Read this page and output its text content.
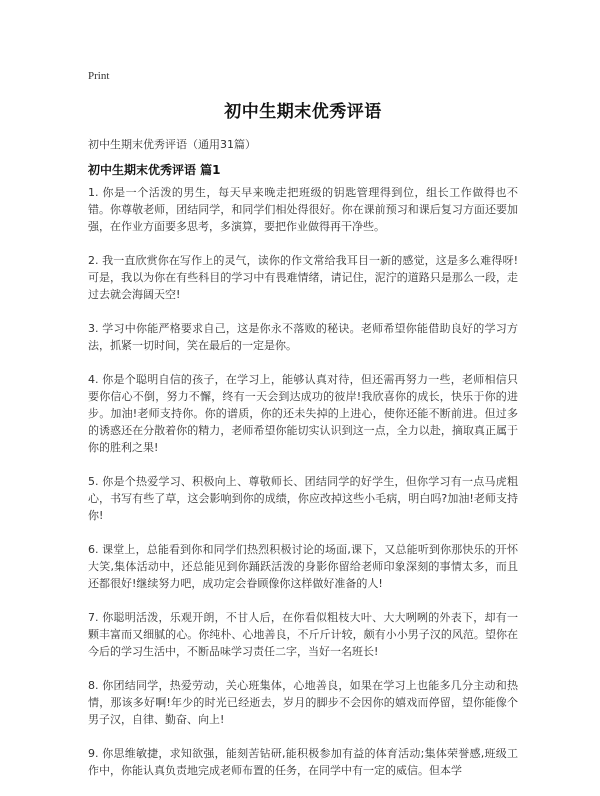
Print
初中生期末优秀评语
初中生期末优秀评语（通用31篇）
初中生期末优秀评语 篇1

1. 你是一个活泼的男生，每天早来晚走把班级的钥匙管理得到位，组长工作做得也不错。你尊敬老师，团结同学，和同学们相处得很好。你在课前预习和课后复习方面还要加强，在作业方面要多思考，多演算，要把作业做得再干净些。

2. 我一直欣赏你在写作上的灵气，读你的作文常给我耳目一新的感觉，这是多么难得呀!可是，我以为你在有些科目的学习中有畏难情绪，请记住，泥泞的道路只是那么一段，走过去就会海阔天空!

3. 学习中你能严格要求自己，这是你永不落败的秘诀。老师希望你能借助良好的学习方法，抓紧一切时间，笑在最后的一定是你。

4. 你是个聪明自信的孩子，在学习上，能够认真对待，但还需再努力一些，老师相信只要你信心不倒，努力不懈，终有一天会到达成功的彼岸!我欣喜你的成长，快乐于你的进步。加油!老师支持你。你的谱质，你的还未失掉的上进心，使你还能不断前进。但过多的诱惑还在分散着你的精力，老师希望你能切实认识到这一点，全力以赴，摘取真正属于你的胜利之果!

5. 你是个热爱学习、积极向上、尊敬师长、团结同学的好学生，但你学习有一点马虎粗心，书写有些了草，这会影响到你的成绩，你应改掉这些小毛病，明白吗?加油!老师支持你!

6. 课堂上，总能看到你和同学们热烈积极讨论的场面,课下，又总能听到你那快乐的开怀大笑,集体活动中，还总能见到你踊跃活泼的身影你留给老师印象深刻的事情太多，而且还都很好!继续努力吧，成功定会眷顾像你这样做好准备的人!

7. 你聪明活泼，乐观开朗，不甘人后，在你看似粗枝大叶、大大咧咧的外表下，却有一颗丰富而又细腻的心。你纯朴、心地善良，不斤斤计较，颇有小小男子汉的风范。望你在今后的学习生活中，不断品味学习责任二字，当好一名班长!

8. 你团结同学，热爱劳动，关心班集体，心地善良，如果在学习上也能多几分主动和热情，那该多好啊!年少的时光已经逝去，岁月的脚步不会因你的嬉戏而停留，望你能像个男子汉，自律、勤奋、向上!

9. 你思维敏捷，求知欲强，能刻苦钻研,能积极参加有益的体育活动;集体荣誉感,班级工作中，你能认真负责地完成老师布置的任务，在同学中有一定的威信。但本学
